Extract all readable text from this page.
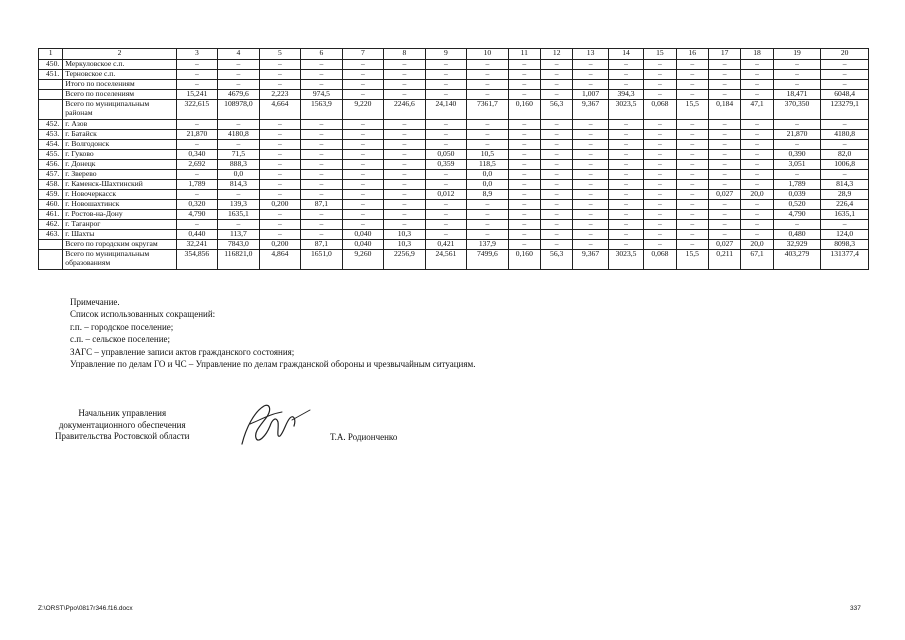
1	2	3	4	5	6	7	8	9	10	11	12	13	14	15	16	17	18	19	20
450.	Меркуловское с.п.	–	–	–	–	–	–	–	–	–	–	–	–	–	–	–	–	–	–
451.	Терновское с.п.	–	–	–	–	–	–	–	–	–	–	–	–	–	–	–	–	–	–
	Итого по поселениям	–	–	–	–	–	–	–	–	–	–	–	–	–	–	–	–	–	–
	Всего по поселениям	15,241	4679,6	2,223	974,5	–	–	–	–	–	–	1,007	394,3	–	–	–	–	18,471	6048,4
	Всего по муниципальным районам	322,615	108978,0	4,664	1563,9	9,220	2246,6	24,140	7361,7	0,160	56,3	9,367	3023,5	0,068	15,5	0,184	47,1	370,350	123279,1
452.	г. Азов	–	–	–	–	–	–	–	–	–	–	–	–	–	–	–	–	–	–
453.	г. Батайск	21,870	4180,8	–	–	–	–	–	–	–	–	–	–	–	–	–	–	21,870	4180,8
454.	г. Волгодонск	–	–	–	–	–	–	–	–	–	–	–	–	–	–	–	–	–	–
455.	г. Гуково	0,340	71,5	–	–	–	–	0,050	10,5	–	–	–	–	–	–	–	–	0,390	82,0
456.	г. Донецк	2,692	888,3	–	–	–	–	0,359	118,5	–	–	–	–	–	–	–	–	3,051	1006,8
457.	г. Зверево	–	0,0	–	–	–	–	–	0,0	–	–	–	–	–	–	–	–	–	–
458.	г. Каменск-Шахтинский	1,789	814,3	–	–	–	–	–	0,0	–	–	–	–	–	–	–	–	1,789	814,3
459.	г. Новочеркасск	–	–	–	–	–	–	0,012	8,9	–	–	–	–	–	–	0,027	20,0	0,039	28,9
460.	г. Новошахтинск	0,320	139,3	0,200	87,1	–	–	–	–	–	–	–	–	–	–	–	–	0,520	226,4
461.	г. Ростов-на-Дону	4,790	1635,1	–	–	–	–	–	–	–	–	–	–	–	–	–	–	4,790	1635,1
462.	г. Таганрог	–	–	–	–	–	–	–	–	–	–	–	–	–	–	–	–	–	–
463.	г. Шахты	0,440	113,7	–	–	0,040	10,3	–	–	–	–	–	–	–	–	–	–	0,480	124,0
	Всего по городским округам	32,241	7843,0	0,200	87,1	0,040	10,3	0,421	137,9	–	–	–	–	–	–	0,027	20,0	32,929	8098,3
	Всего по муниципальным образованиям	354,856	116821,0	4,864	1651,0	9,260	2256,9	24,561	7499,6	0,160	56,3	9,367	3023,5	0,068	15,5	0,211	67,1	403,279	131377,4
Примечание.
Список использованных сокращений:
г.п. – городское поселение;
с.п. – сельское поселение;
ЗАГС – управление записи актов гражданского состояния;
Управление по делам ГО и ЧС – Управление по делам гражданской обороны и чрезвычайным ситуациям.
Начальник управления
документационного обеспечения
Правительства Ростовской области	Т.А. Родионченко
Z:\ORST\Ppo\0817r346.f16.docx	337
